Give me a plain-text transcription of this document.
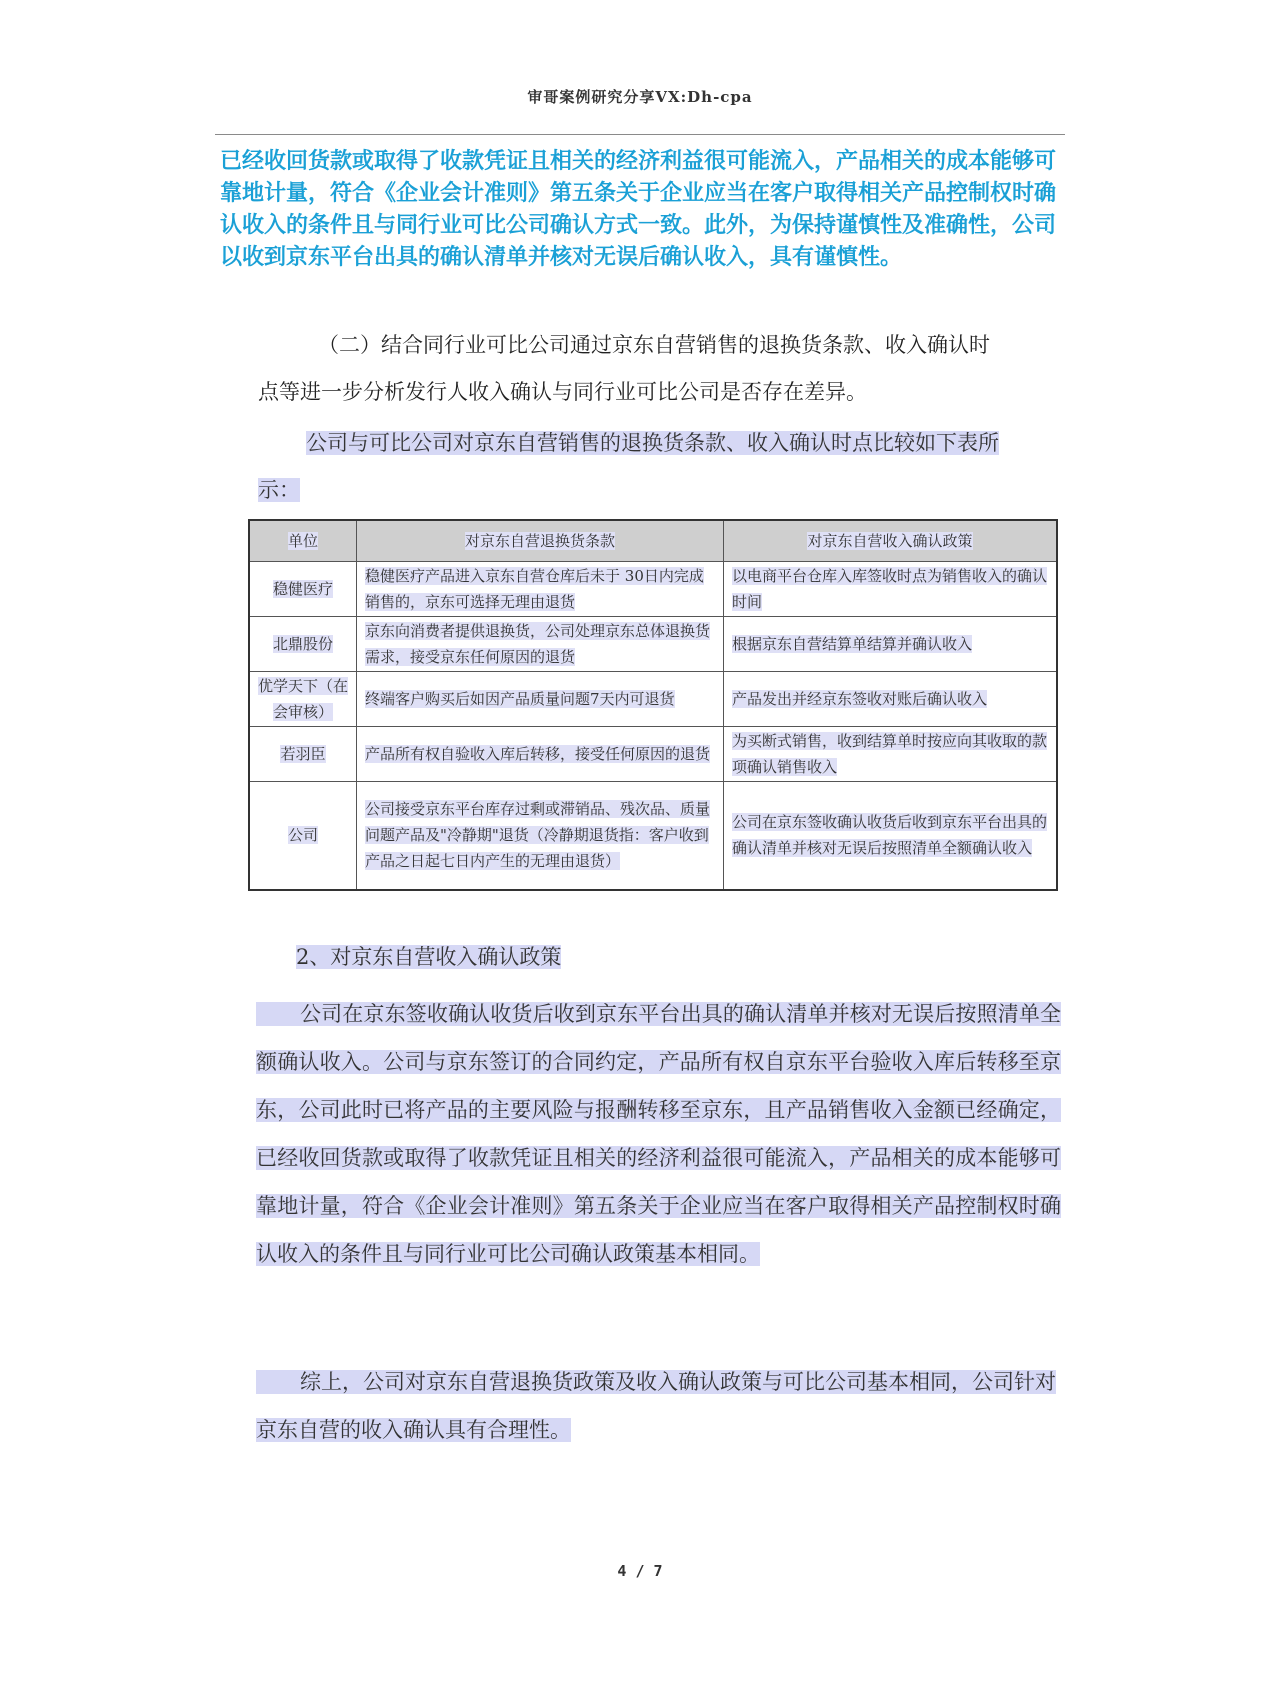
审哥案例研究分享VX:Dh-cpa

已经收回货款或取得了收款凭证且相关的经济利益很可能流入，产品相关的成本能够可靠地计量，符合《企业会计准则》第五条关于企业应当在客户取得相关产品控制权时确认收入的条件且与同行业可比公司确认方式一致。此外，为保持谨慎性及准确性，公司以收到京东平台出具的确认清单并核对无误后确认收入，具有谨慎性。

（二）结合同行业可比公司通过京东自营销售的退换货条款、收入确认时
点等进一步分析发行人收入确认与同行业可比公司是否存在差异。
公司与可比公司对京东自营销售的退换货条款、收入确认时点比较如下表所
示：
单位	对京东自营退换货条款	对京东自营收入确认政策
稳健医疗	稳健医疗产品进入京东自营仓库后未于 30日内完成销售的，京东可选择无理由退货	以电商平台仓库入库签收时点为销售收入的确认时间
北鼎股份	京东向消费者提供退换货，公司处理京东总体退换货需求，接受京东任何原因的退货	根据京东自营结算单结算并确认收入
优学天下（在会审核）	终端客户购买后如因产品质量问题7天内可退货	产品发出并经京东签收对账后确认收入
若羽臣	产品所有权自验收入库后转移，接受任何原因的退货	为买断式销售，收到结算单时按应向其收取的款项确认销售收入
公司	公司接受京东平台库存过剩或滞销品、残次品、质量问题产品及"冷静期"退货（冷静期退货指：客户收到产品之日起七日内产生的无理由退货）	公司在京东签收确认收货后收到京东平台出具的确认清单并核对无误后按照清单全额确认收入

2、对京东自营收入确认政策

公司在京东签收确认收货后收到京东平台出具的确认清单并核对无误后按照清单全额确认收入。公司与京东签订的合同约定，产品所有权自京东平台验收入库后转移至京东，公司此时已将产品的主要风险与报酬转移至京东，且产品销售收入金额已经确定，已经收回货款或取得了收款凭证且相关的经济利益很可能流入，产品相关的成本能够可靠地计量，符合《企业会计准则》第五条关于企业应当在客户取得相关产品控制权时确认收入的条件且与同行业可比公司确认政策基本相同。

综上，公司对京东自营退换货政策及收入确认政策与可比公司基本相同，公司针对京东自营的收入确认具有合理性。

4 / 7
